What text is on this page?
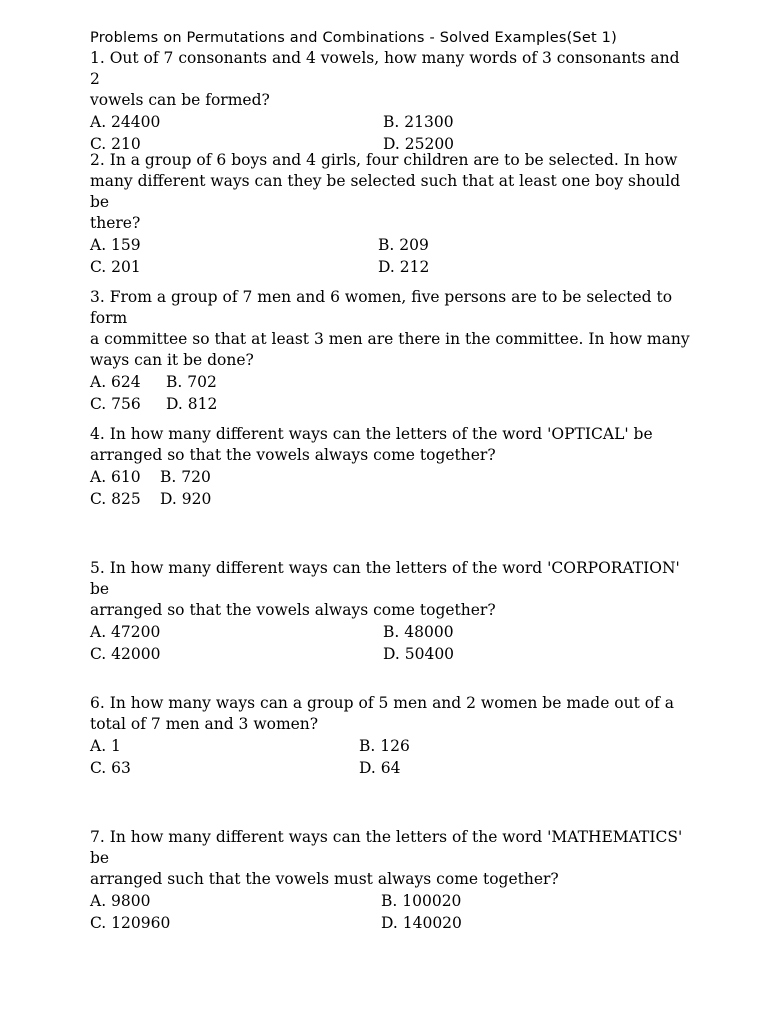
Problems on Permutations and Combinations - Solved Examples(Set 1)
1. Out of 7 consonants and 4 vowels, how many words of 3 consonants and 2
vowels can be formed?
A. 24400	B. 21300
C. 210	D. 25200
2. In a group of 6 boys and 4 girls, four children are to be selected. In how
many different ways can they be selected such that at least one boy should be
there?
A. 159	B. 209
C. 201	D. 212
3. From a group of 7 men and 6 women, five persons are to be selected to form
a committee so that at least 3 men are there in the committee. In how many
ways can it be done?
A. 624 B. 702
C. 756 D. 812
4. In how many different ways can the letters of the word 'OPTICAL' be
arranged so that the vowels always come together?
A. 610 B. 720
C. 825 D. 920
5. In how many different ways can the letters of the word 'CORPORATION' be
arranged so that the vowels always come together?
A. 47200	B. 48000
C. 42000	D. 50400
6. In how many ways can a group of 5 men and 2 women be made out of a
total of 7 men and 3 women?
A. 1	B. 126
C. 63	D. 64
7. In how many different ways can the letters of the word 'MATHEMATICS' be
arranged such that the vowels must always come together?
A. 9800	B. 100020
C. 120960	D. 140020
